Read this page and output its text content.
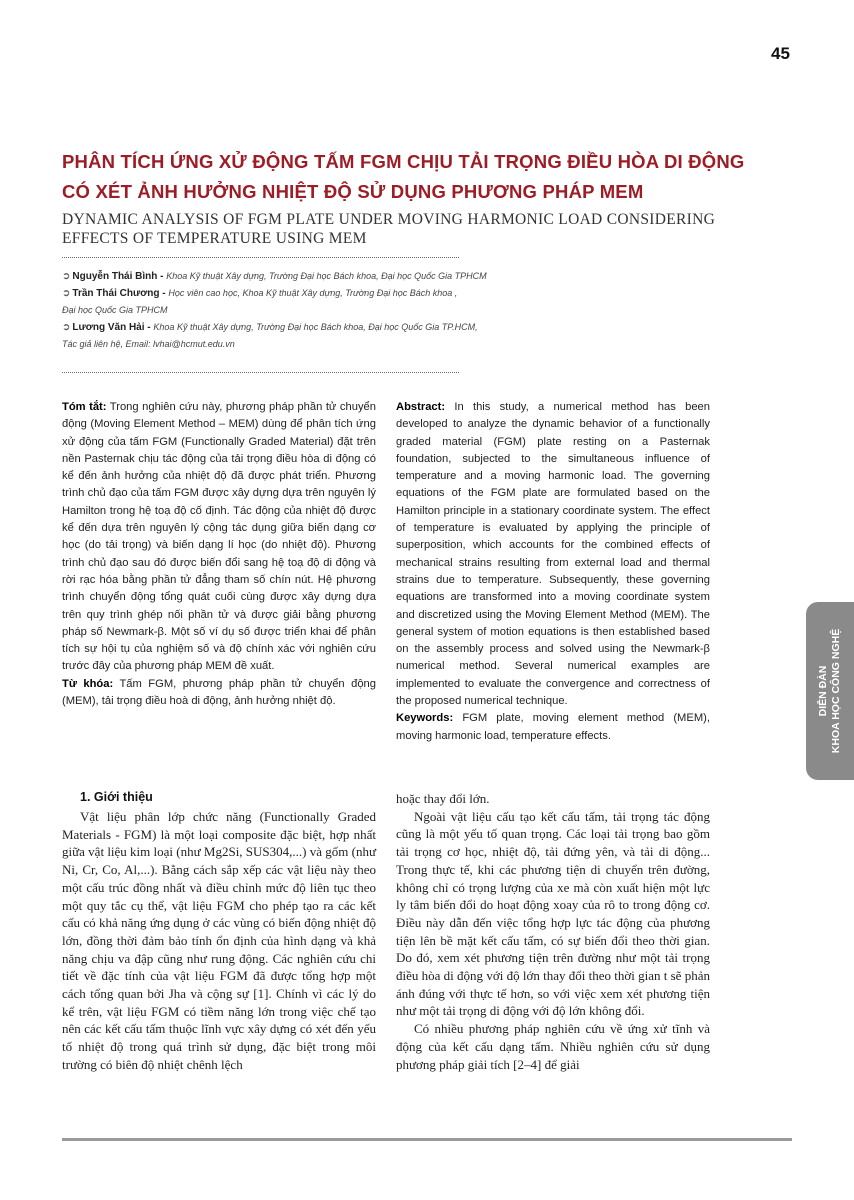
45
PHÂN TÍCH ỨNG XỬ ĐỘNG TẤM FGM CHỊU TẢI TRỌNG ĐIỀU HÒA DI ĐỘNG CÓ XÉT ẢNH HƯỞNG NHIỆT ĐỘ SỬ DỤNG PHƯƠNG PHÁP MEM
DYNAMIC ANALYSIS OF FGM PLATE UNDER MOVING HARMONIC LOAD CONSIDERING EFFECTS OF TEMPERATURE USING MEM
➲ Nguyễn Thái Bình - Khoa Kỹ thuật Xây dựng, Trường Đại học Bách khoa, Đại học Quốc Gia TPHCM
➲ Trần Thái Chương - Học viên cao học, Khoa Kỹ thuật Xây dựng, Trường Đại học Bách khoa ,
Đại học Quốc Gia TPHCM
➲ Lương Văn Hải - Khoa Kỹ thuật Xây dựng, Trường Đại học Bách khoa, Đại học Quốc Gia TP.HCM,
Tác giả liên hệ, Email: lvhai@hcmut.edu.vn
Tóm tắt: Trong nghiên cứu này, phương pháp phần tử chuyển động (Moving Element Method – MEM) dùng để phân tích ứng xử động của tấm FGM (Functionally Graded Material) đặt trên nền Pasternak chịu tác động của tải trọng điều hòa di động có kể đến ảnh hưởng của nhiệt độ đã được phát triển. Phương trình chủ đạo của tấm FGM được xây dựng dựa trên nguyên lý Hamilton trong hệ toạ độ cố định. Tác động của nhiệt độ được kể đến dựa trên nguyên lý cộng tác dụng giữa biến dạng cơ học (do tải trọng) và biến dạng lí học (do nhiệt độ). Phương trình chủ đạo sau đó được biến đổi sang hệ toạ độ di động và rời rạc hóa bằng phần tử đẳng tham số chín nút. Hệ phương trình chuyển động tổng quát cuối cùng được xây dựng dựa trên quy trình ghép nối phần tử và được giải bằng phương pháp số Newmark-β. Một số ví dụ số được triển khai để phân tích sự hội tụ của nghiệm số và độ chính xác với nghiên cứu trước đây của phương pháp MEM đề xuất.
Từ khóa: Tấm FGM, phương pháp phần tử chuyển động (MEM), tải trọng điều hoà di động, ảnh hưởng nhiệt độ.
Abstract: In this study, a numerical method has been developed to analyze the dynamic behavior of a functionally graded material (FGM) plate resting on a Pasternak foundation, subjected to the simultaneous influence of temperature and a moving harmonic load. The governing equations of the FGM plate are formulated based on the Hamilton principle in a stationary coordinate system. The effect of temperature is evaluated by applying the principle of superposition, which accounts for the combined effects of mechanical strains resulting from external load and thermal strains due to temperature. Subsequently, these governing equations are transformed into a moving coordinate system and discretized using the Moving Element Method (MEM). The general system of motion equations is then established based on the assembly process and solved using the Newmark-β numerical method. Several numerical examples are implemented to evaluate the convergence and correctness of the proposed numerical technique.
Keywords: FGM plate, moving element method (MEM), moving harmonic load, temperature effects.
DIỄN ĐÀN KHOA HỌC CÔNG NGHỆ
1. Giới thiệu

Vật liệu phân lớp chức năng (Functionally Graded Materials - FGM) là một loại composite đặc biệt, hợp nhất giữa vật liệu kim loại (như Mg2Si, SUS304,...) và gốm (như Ni, Cr, Co, Al,...). Bằng cách sắp xếp các vật liệu này theo một cấu trúc đồng nhất và điều chỉnh mức độ liên tục theo một quy tắc cụ thể, vật liệu FGM cho phép tạo ra các kết cấu có khả năng ứng dụng ở các vùng có biến động nhiệt độ lớn, đồng thời đảm bảo tính ổn định của hình dạng và khả năng chịu va đập cũng như rung động. Các nghiên cứu chi tiết về đặc tính của vật liệu FGM đã được tổng hợp một cách tổng quan bởi Jha và cộng sự [1]. Chính vì các lý do kể trên, vật liệu FGM có tiềm năng lớn trong việc chế tạo nên các kết cấu tấm thuộc lĩnh vực xây dựng có xét đến yếu tố nhiệt độ trong quá trình sử dụng, đặc biệt trong môi trường có biên độ nhiệt chênh lệch

hoặc thay đổi lớn.

Ngoài vật liệu cấu tạo kết cấu tấm, tải trọng tác động cũng là một yếu tố quan trọng. Các loại tải trọng bao gồm tải trọng cơ học, nhiệt độ, tải đứng yên, và tải di động... Trong thực tế, khi các phương tiện di chuyển trên đường, không chỉ có trọng lượng của xe mà còn xuất hiện một lực ly tâm biến đổi do hoạt động xoay của rô to trong động cơ. Điều này dẫn đến việc tổng hợp lực tác động của phương tiện lên bề mặt kết cấu tấm, có sự biến đổi theo thời gian. Do đó, xem xét phương tiện trên đường như một tải trọng điều hòa di động với độ lớn thay đổi theo thời gian t sẽ phản ánh đúng với thực tế hơn, so với việc xem xét phương tiện như một tải trọng di động với độ lớn không đổi.

Có nhiều phương pháp nghiên cứu về ứng xử tĩnh và động của kết cấu dạng tấm. Nhiều nghiên cứu sử dụng phương pháp giải tích [2–4] để giải
